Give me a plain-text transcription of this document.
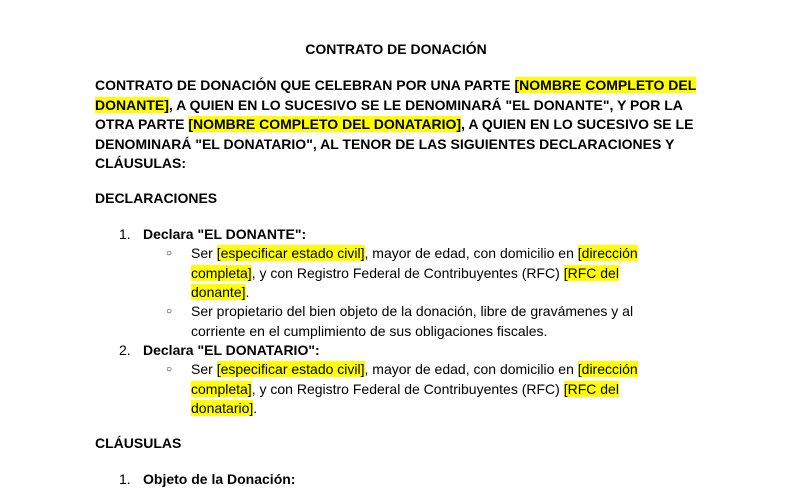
CONTRATO DE DONACIÓN
CONTRATO DE DONACIÓN QUE CELEBRAN POR UNA PARTE [NOMBRE COMPLETO DEL DONANTE], A QUIEN EN LO SUCESIVO SE LE DENOMINARÁ "EL DONANTE", Y POR LA OTRA PARTE [NOMBRE COMPLETO DEL DONATARIO], A QUIEN EN LO SUCESIVO SE LE DENOMINARÁ "EL DONATARIO", AL TENOR DE LAS SIGUIENTES DECLARACIONES Y CLÁUSULAS:
DECLARACIONES
1. Declara "EL DONANTE":
○ Ser [especificar estado civil], mayor de edad, con domicilio en [dirección completa], y con Registro Federal de Contribuyentes (RFC) [RFC del donante].
○ Ser propietario del bien objeto de la donación, libre de gravámenes y al corriente en el cumplimiento de sus obligaciones fiscales.
2. Declara "EL DONATARIO":
○ Ser [especificar estado civil], mayor de edad, con domicilio en [dirección completa], y con Registro Federal de Contribuyentes (RFC) [RFC del donatario].
CLÁUSULAS
1. Objeto de la Donación:
